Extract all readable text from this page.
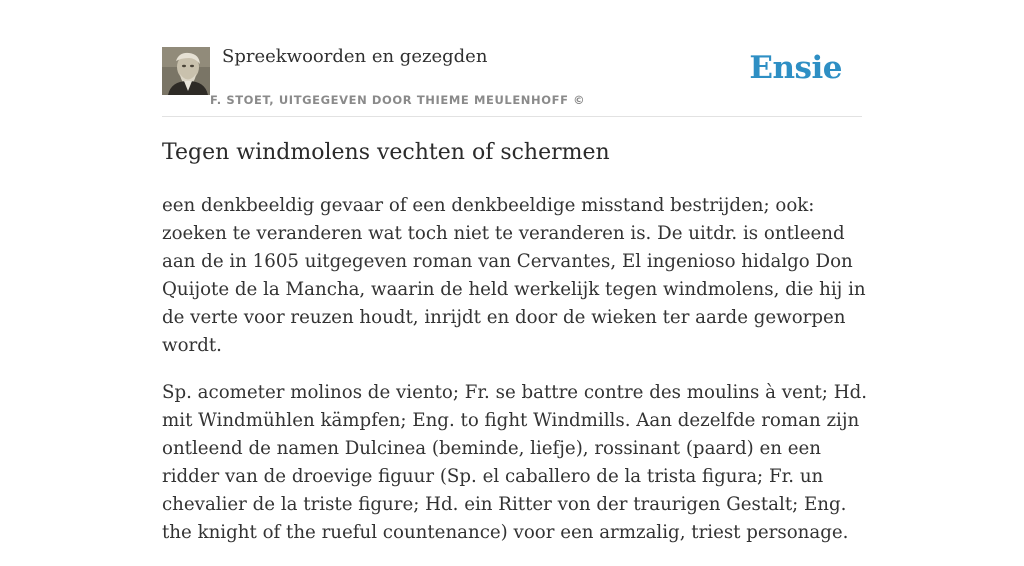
Spreekwoorden en gezegden
F. STOET, UITGEGEVEN DOOR THIEME MEULENHOFF ©
Ensie
Tegen windmolens vechten of schermen

een denkbeeldig gevaar of een denkbeeldige misstand bestrijden; ook: zoeken te veranderen wat toch niet te veranderen is. De uitdr. is ontleend aan de in 1605 uitgegeven roman van Cervantes, El ingenioso hidalgo Don Quijote de la Mancha, waarin de held werkelijk tegen windmolens, die hij in de verte voor reuzen houdt, inrijdt en door de wieken ter aarde geworpen wordt.

Sp. acometer molinos de viento; Fr. se battre contre des moulins à vent; Hd. mit Windmühlen kämpfen; Eng. to fight Windmills. Aan dezelfde roman zijn ontleend de namen Dulcinea (beminde, liefje), rossinant (paard) en een ridder van de droevige figuur (Sp. el caballero de la trista figura; Fr. un chevalier de la triste figure; Hd. ein Ritter von der traurigen Gestalt; Eng. the knight of the rueful countenance) voor een armzalig, triest personage.
